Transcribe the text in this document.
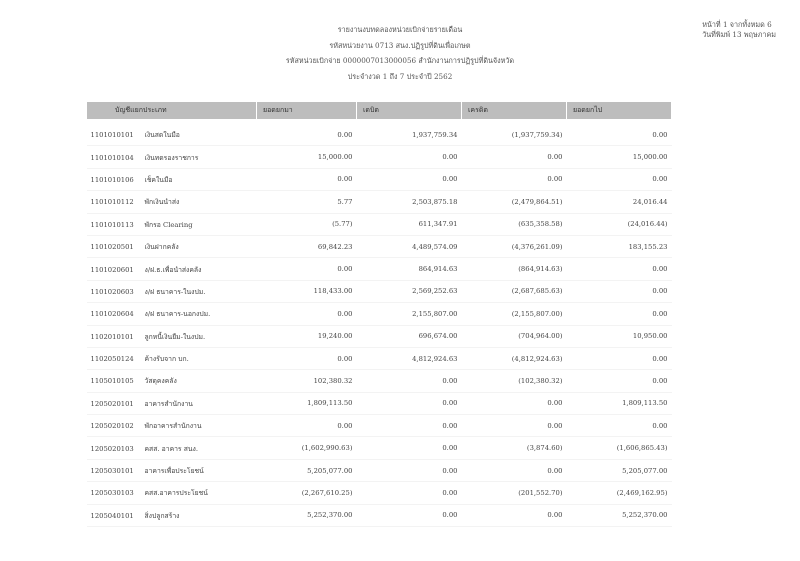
รายงานงบทดลองหน่วยเบิกจ่ายรายเดือน
รหัสหน่วยงาน 0713 สนง.ปฏิรูปที่ดินเพื่อเกษต
รหัสหน่วยเบิกจ่าย 0000007013000056 สำนักงานการปฏิรูปที่ดินจังหวัด
ประจำงวด 1 ถึง 7 ประจำปี 2562
หน้าที่ 1 จากทั้งหมด 6
วันที่พิมพ์ 13 พฤษภาคม
บัญชีแยกประเภท	ยอดยกมา	เดบิต	เครดิต	ยอดยกไป
1101010101 เงินสดในมือ	0.00	1,937,759.34	(1,937,759.34)	0.00
1101010104 เงินทดรองราชการ	15,000.00	0.00	0.00	15,000.00
1101010106 เช็คในมือ	0.00	0.00	0.00	0.00
1101010112 พักเงินนำส่ง	5.77	2,503,875.18	(2,479,864.51)	24,016.44
1101010113 พักรอ Clearing	(5.77)	611,347.91	(635,358.58)	(24,016.44)
1101020501 เงินฝากคลัง	69,842.23	4,489,574.09	(4,376,261.09)	183,155.23
1101020601 ง/ฝ.ธ.เพื่อนำส่งคลัง	0.00	864,914.63	(864,914.63)	0.00
1101020603 ง/ฝ ธนาคาร-ในงปม.	118,433.00	2,569,252.63	(2,687,685.63)	0.00
1101020604 ง/ฝ ธนาคาร-นอกงปม.	0.00	2,155,807.00	(2,155,807.00)	0.00
1102010101 ลูกหนี้เงินยืม-ในงปม.	19,240.00	696,674.00	(704,964.00)	10,950.00
1102050124 ค้างรับจาก บก.	0.00	4,812,924.63	(4,812,924.63)	0.00
1105010105 วัสดุคงคลัง	102,380.32	0.00	(102,380.32)	0.00
1205020101 อาคารสำนักงาน	1,809,113.50	0.00	0.00	1,809,113.50
1205020102 พักอาคารสำนักงาน	0.00	0.00	0.00	0.00
1205020103 คสส. อาคาร สนง.	(1,602,990.63)	0.00	(3,874.60)	(1,606,865.43)
1205030101 อาคารเพื่อประโยชน์	5,205,077.00	0.00	0.00	5,205,077.00
1205030103 คสส.อาคารประโยชน์	(2,267,610.25)	0.00	(201,552.70)	(2,469,162.95)
1205040101 สิ่งปลูกสร้าง	5,252,370.00	0.00	0.00	5,252,370.00
